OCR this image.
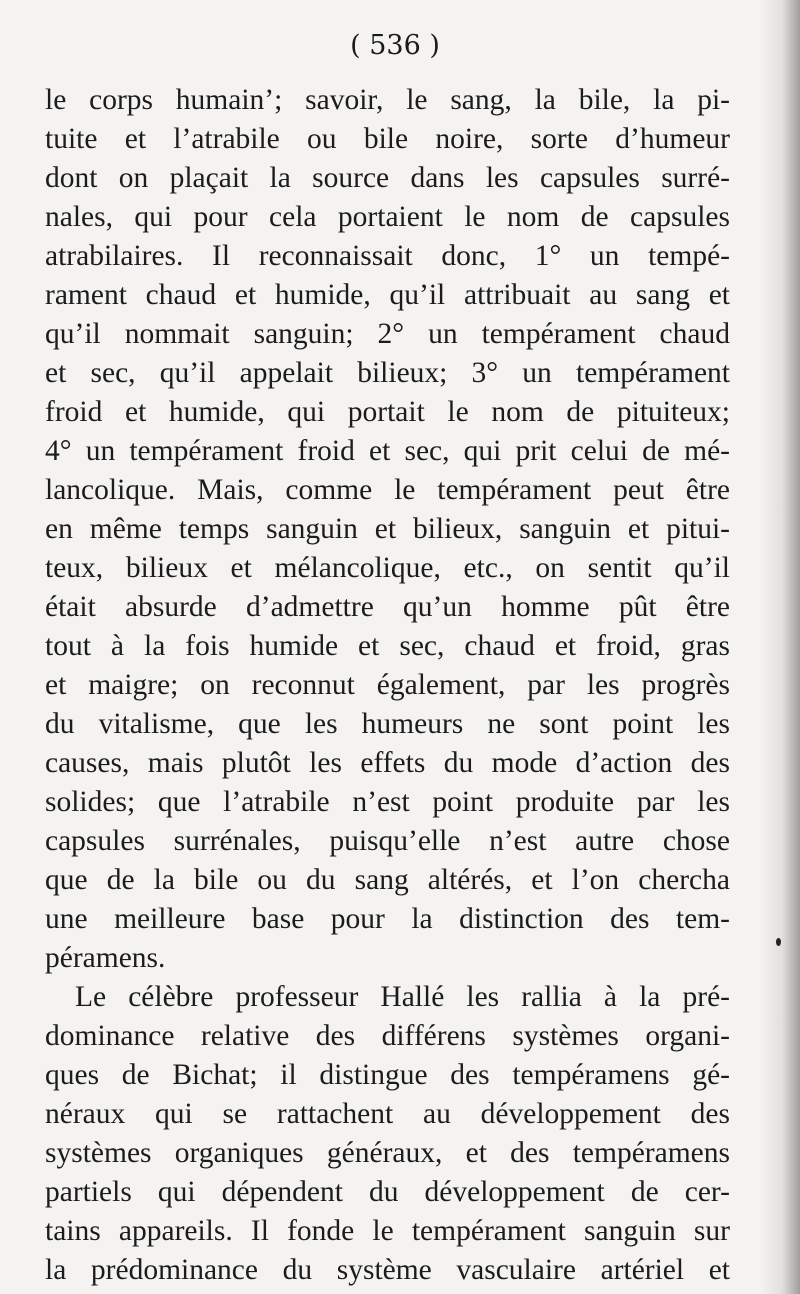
( 536 )
le corps humain’; savoir, le sang, la bile, la pi-
tuite et l’atrabile ou bile noire, sorte d’humeur
dont on plaçait la source dans les capsules surré-
nales, qui pour cela portaient le nom de capsules
atrabilaires. Il reconnaissait donc, 1° un tempé-
rament chaud et humide, qu’il attribuait au sang et
qu’il nommait sanguin; 2° un tempérament chaud
et sec, qu’il appelait bilieux; 3° un tempérament
froid et humide, qui portait le nom de pituiteux;
4° un tempérament froid et sec, qui prit celui de mé-
lancolique. Mais, comme le tempérament peut être
en même temps sanguin et bilieux, sanguin et pitui-
teux, bilieux et mélancolique, etc., on sentit qu’il
était absurde d’admettre qu’un homme pût être
tout à la fois humide et sec, chaud et froid, gras
et maigre; on reconnut également, par les progrès
du vitalisme, que les humeurs ne sont point les
causes, mais plutôt les effets du mode d’action des
solides; que l’atrabile n’est point produite par les
capsules surrénales, puisqu’elle n’est autre chose
que de la bile ou du sang altérés, et l’on chercha
une meilleure base pour la distinction des tem-
péramens.
Le célèbre professeur Hallé les rallia à la pré-
dominance relative des différens systèmes organi-
ques de Bichat; il distingue des tempéramens gé-
néraux qui se rattachent au développement des
systèmes organiques généraux, et des tempéramens
partiels qui dépendent du développement de cer-
tains appareils. Il fonde le tempérament sanguin sur
la prédominance du système vasculaire artériel et
